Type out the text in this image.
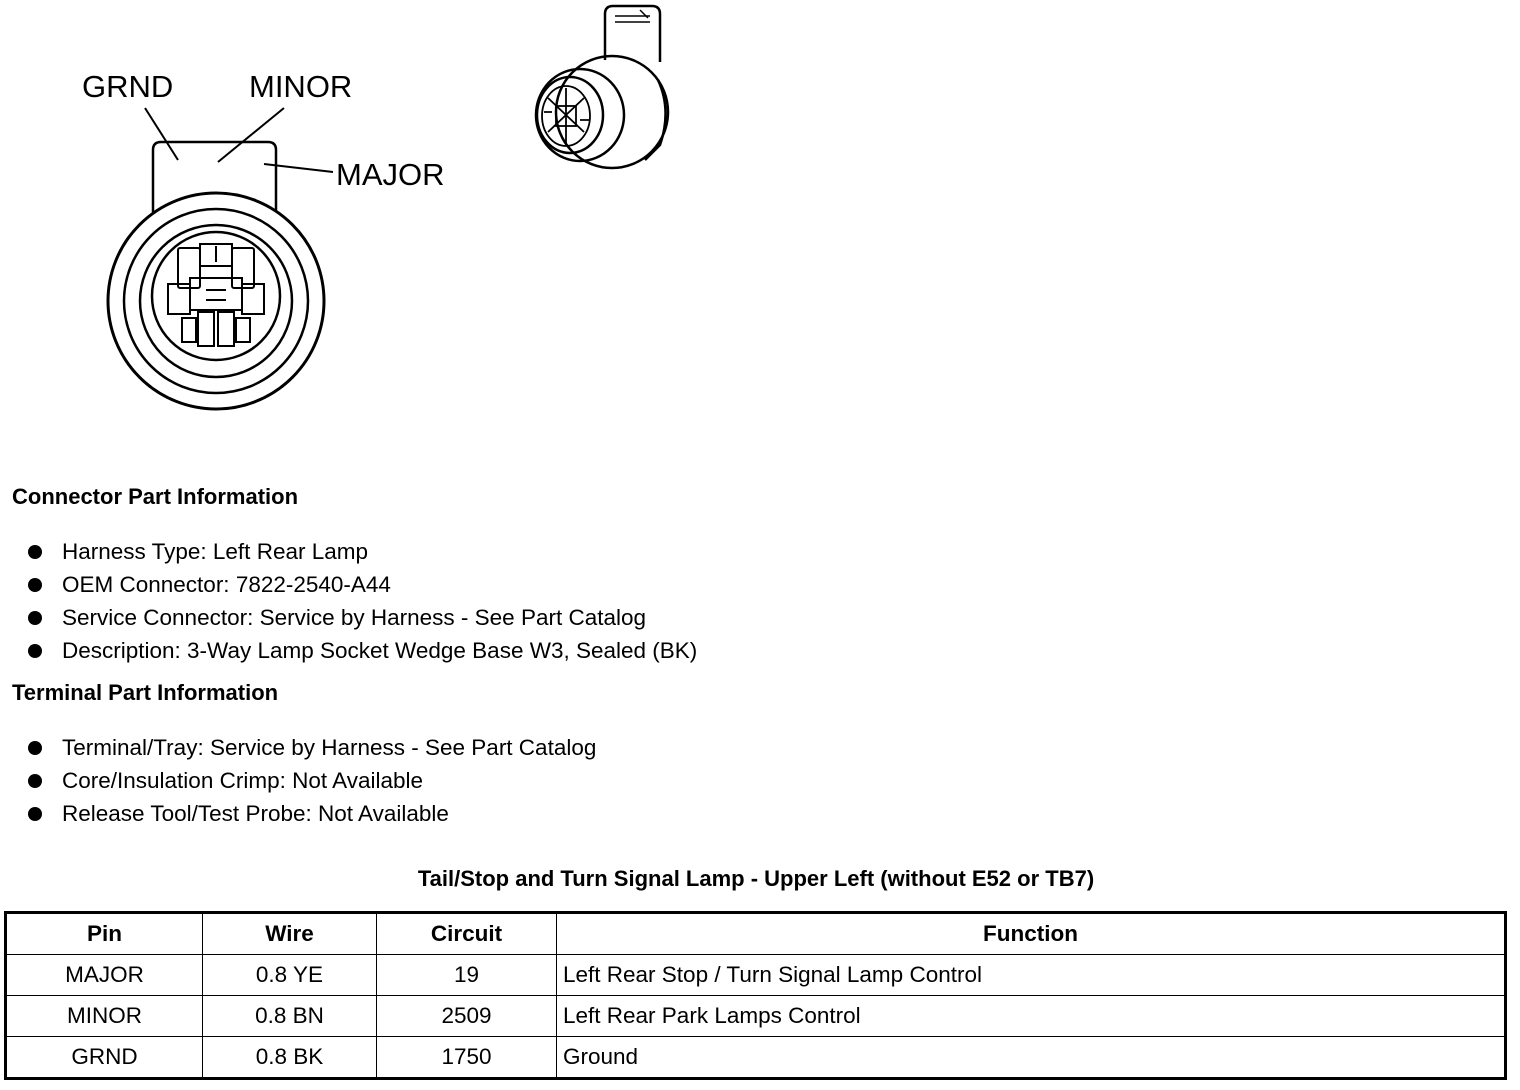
GRND MINOR
MAJOR
Connector Part Information
Harness Type: Left Rear Lamp
OEM Connector: 7822-2540-A44
Service Connector: Service by Harness - See Part Catalog
Description: 3-Way Lamp Socket Wedge Base W3, Sealed (BK)
Terminal Part Information
Terminal/Tray: Service by Harness - See Part Catalog
Core/Insulation Crimp: Not Available
Release Tool/Test Probe: Not Available
Tail/Stop and Turn Signal Lamp - Upper Left (without E52 or TB7)
Pin	Wire	Circuit	Function
MAJOR	0.8 YE	19	Left Rear Stop / Turn Signal Lamp Control
MINOR	0.8 BN	2509	Left Rear Park Lamps Control
GRND	0.8 BK	1750	Ground
